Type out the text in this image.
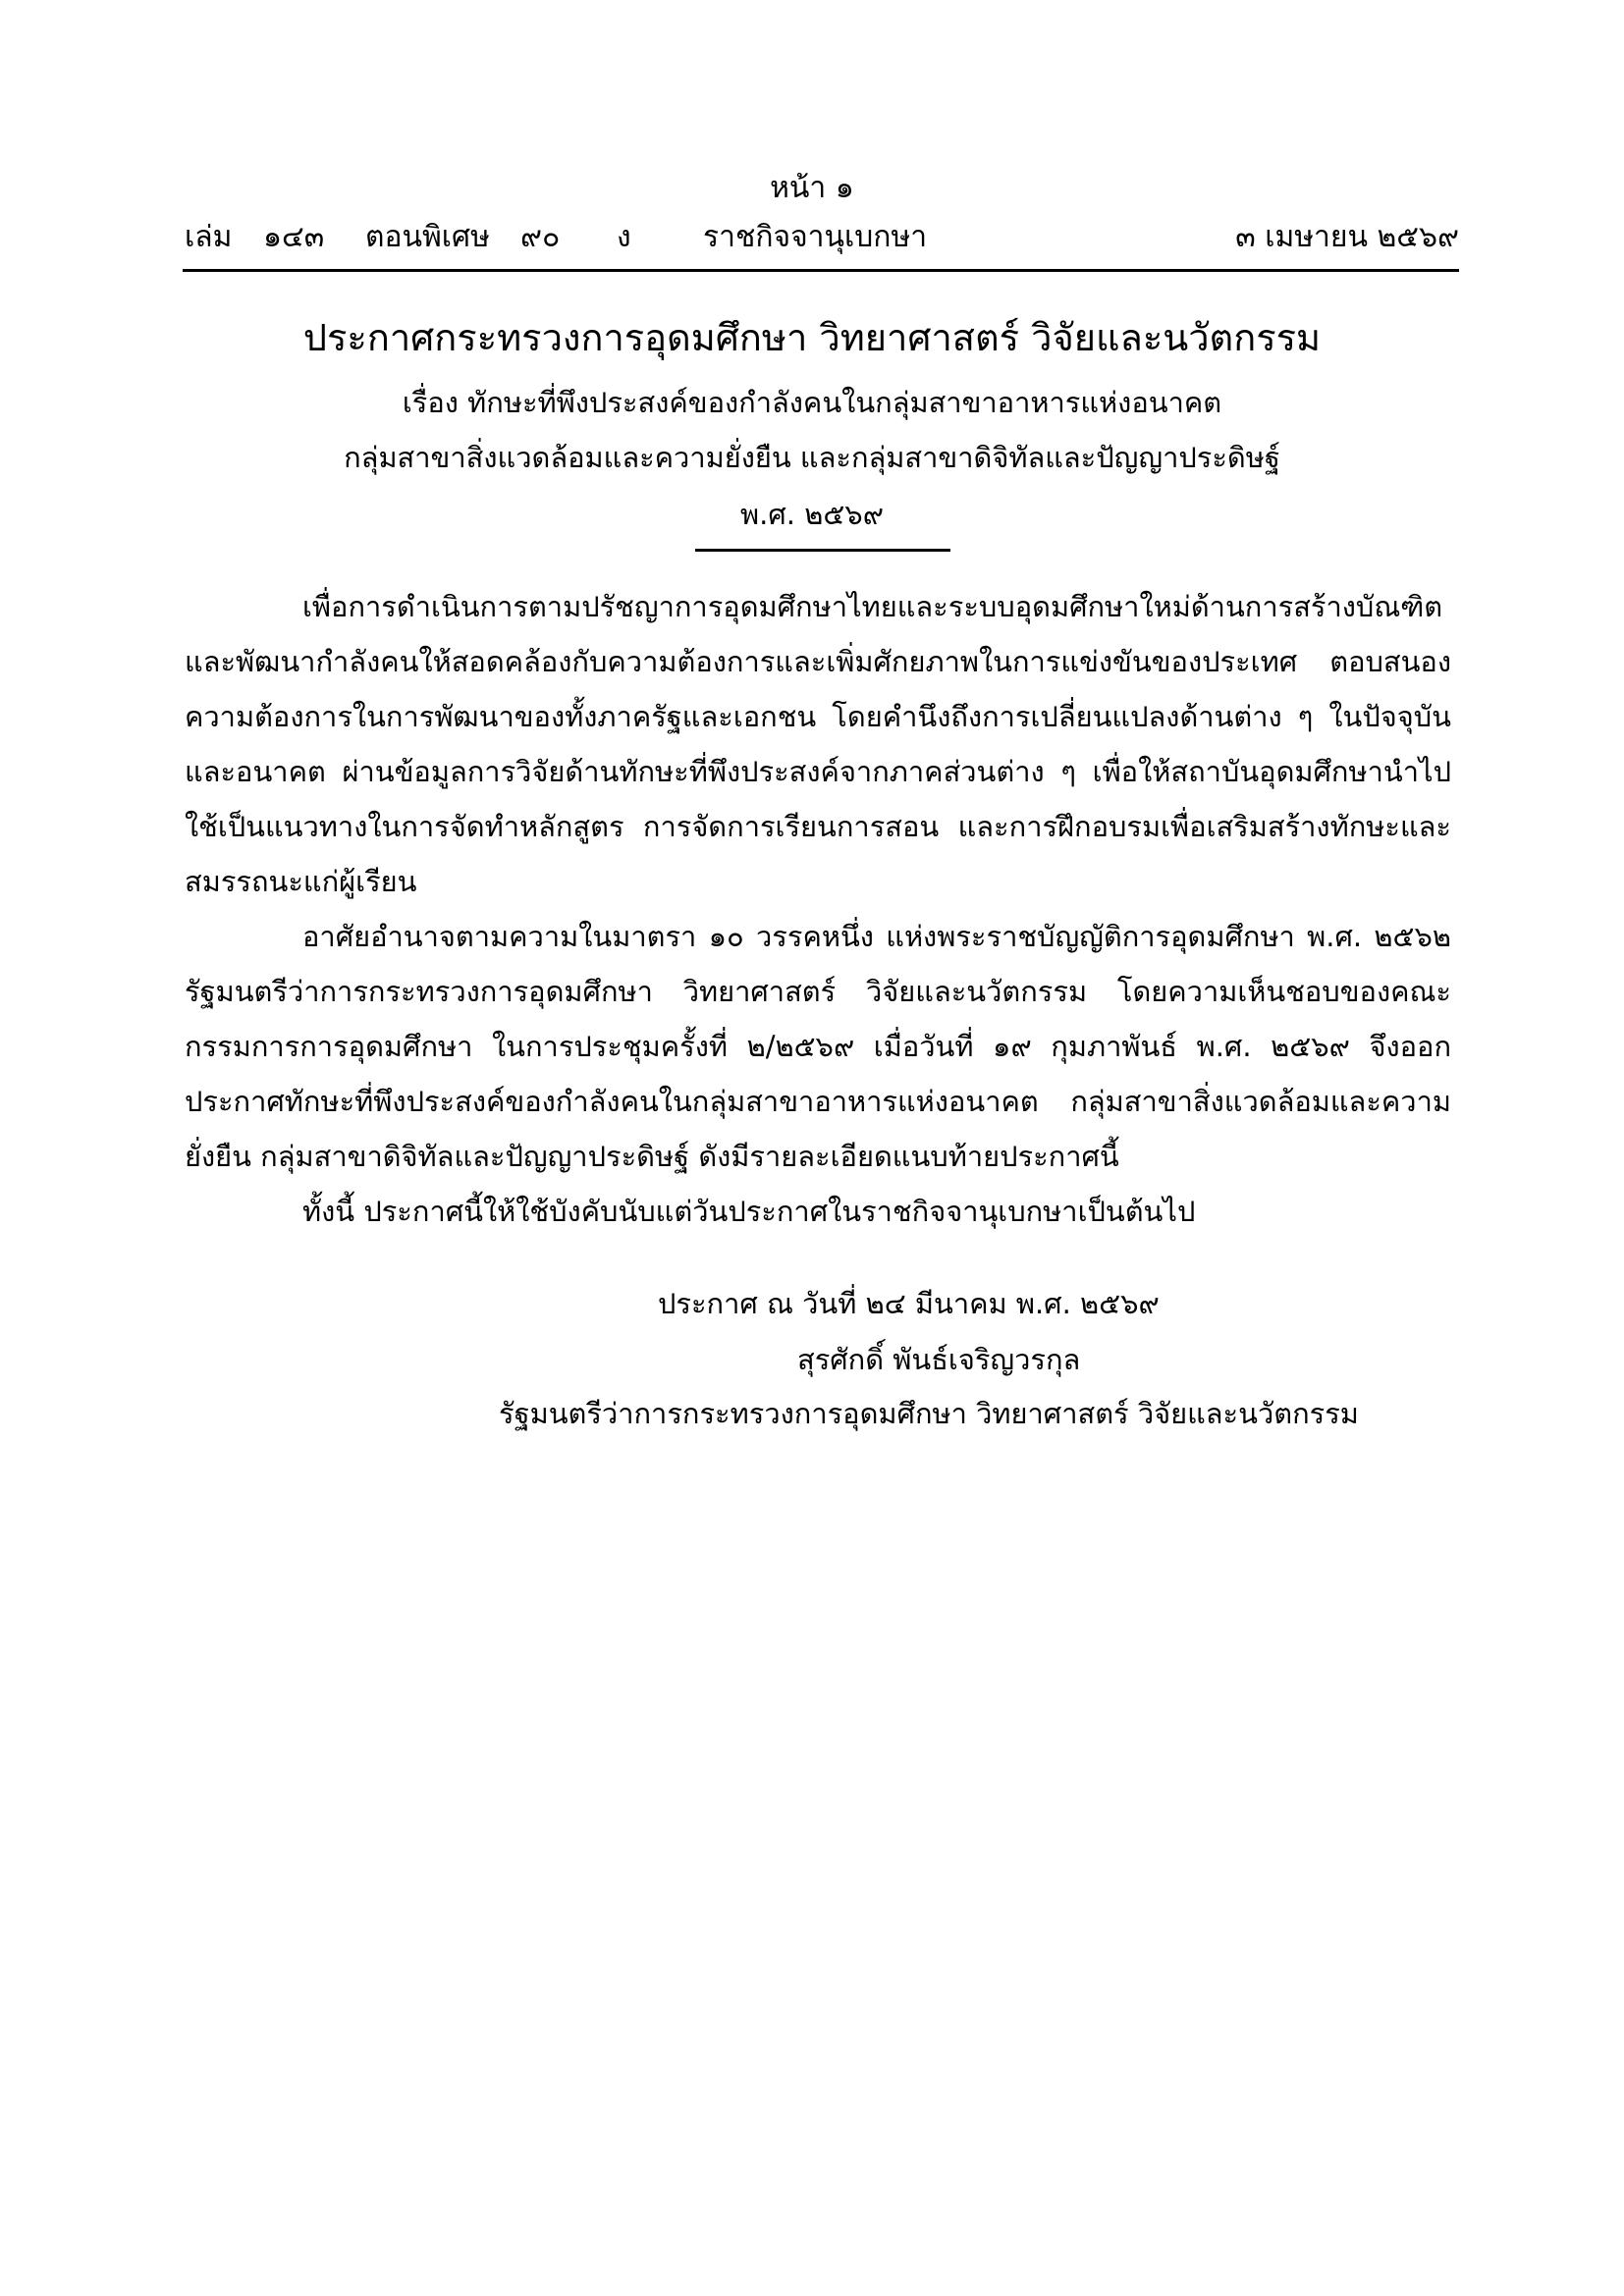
หน้า ๑
เล่ม ๑๔๓ ตอนพิเศษ ๙๐ ง ราชกิจจานุเบกษา	๓ เมษายน ๒๕๖๙
ประกาศกระทรวงการอุดมศึกษา วิทยาศาสตร์ วิจัยและนวัตกรรม
เรื่อง ทักษะที่พึงประสงค์ของกำลังคนในกลุ่มสาขาอาหารแห่งอนาคต
กลุ่มสาขาสิ่งแวดล้อมและความยั่งยืน และกลุ่มสาขาดิจิทัลและปัญญาประดิษฐ์
พ.ศ. ๒๕๖๙

เพื่อการดำเนินการตามปรัชญาการอุดมศึกษาไทยและระบบอุดมศึกษาใหม่ด้านการสร้างบัณฑิตและพัฒนากำลังคนให้สอดคล้องกับความต้องการและเพิ่มศักยภาพในการแข่งขันของประเทศ ตอบสนองความต้องการในการพัฒนาของทั้งภาครัฐและเอกชน โดยคำนึงถึงการเปลี่ยนแปลงด้านต่าง ๆ ในปัจจุบันและอนาคต ผ่านข้อมูลการวิจัยด้านทักษะที่พึงประสงค์จากภาคส่วนต่าง ๆ เพื่อให้สถาบันอุดมศึกษานำไปใช้เป็นแนวทางในการจัดทำหลักสูตร การจัดการเรียนการสอน และการฝึกอบรมเพื่อเสริมสร้างทักษะและสมรรถนะแก่ผู้เรียน

อาศัยอำนาจตามความในมาตรา ๑๐ วรรคหนึ่ง แห่งพระราชบัญญัติการอุดมศึกษา พ.ศ. ๒๕๖๒ รัฐมนตรีว่าการกระทรวงการอุดมศึกษา วิทยาศาสตร์ วิจัยและนวัตกรรม โดยความเห็นชอบของคณะกรรมการการอุดมศึกษา ในการประชุมครั้งที่ ๒/๒๕๖๙ เมื่อวันที่ ๑๙ กุมภาพันธ์ พ.ศ. ๒๕๖๙ จึงออกประกาศทักษะที่พึงประสงค์ของกำลังคนในกลุ่มสาขาอาหารแห่งอนาคต กลุ่มสาขาสิ่งแวดล้อมและความยั่งยืน กลุ่มสาขาดิจิทัลและปัญญาประดิษฐ์ ดังมีรายละเอียดแนบท้ายประกาศนี้

ทั้งนี้ ประกาศนี้ให้ใช้บังคับนับแต่วันประกาศในราชกิจจานุเบกษาเป็นต้นไป

ประกาศ ณ วันที่ ๒๔ มีนาคม พ.ศ. ๒๕๖๙
สุรศักดิ์ พันธ์เจริญวรกุล
รัฐมนตรีว่าการกระทรวงการอุดมศึกษา วิทยาศาสตร์ วิจัยและนวัตกรรม
